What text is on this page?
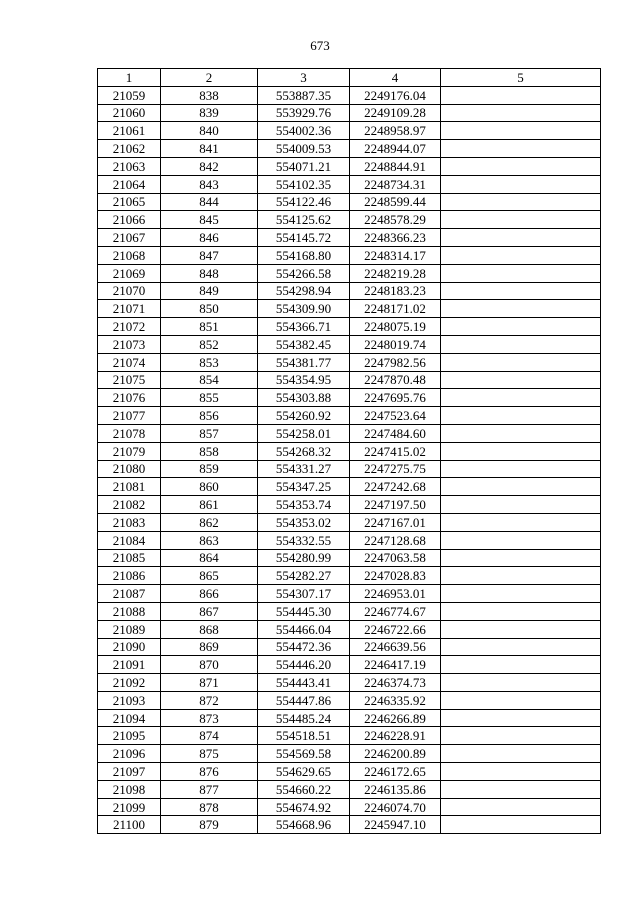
673
1	2	3	4	5
21059	838	553887.35	2249176.04	
21060	839	553929.76	2249109.28	
21061	840	554002.36	2248958.97	
21062	841	554009.53	2248944.07	
21063	842	554071.21	2248844.91	
21064	843	554102.35	2248734.31	
21065	844	554122.46	2248599.44	
21066	845	554125.62	2248578.29	
21067	846	554145.72	2248366.23	
21068	847	554168.80	2248314.17	
21069	848	554266.58	2248219.28	
21070	849	554298.94	2248183.23	
21071	850	554309.90	2248171.02	
21072	851	554366.71	2248075.19	
21073	852	554382.45	2248019.74	
21074	853	554381.77	2247982.56	
21075	854	554354.95	2247870.48	
21076	855	554303.88	2247695.76	
21077	856	554260.92	2247523.64	
21078	857	554258.01	2247484.60	
21079	858	554268.32	2247415.02	
21080	859	554331.27	2247275.75	
21081	860	554347.25	2247242.68	
21082	861	554353.74	2247197.50	
21083	862	554353.02	2247167.01	
21084	863	554332.55	2247128.68	
21085	864	554280.99	2247063.58	
21086	865	554282.27	2247028.83	
21087	866	554307.17	2246953.01	
21088	867	554445.30	2246774.67	
21089	868	554466.04	2246722.66	
21090	869	554472.36	2246639.56	
21091	870	554446.20	2246417.19	
21092	871	554443.41	2246374.73	
21093	872	554447.86	2246335.92	
21094	873	554485.24	2246266.89	
21095	874	554518.51	2246228.91	
21096	875	554569.58	2246200.89	
21097	876	554629.65	2246172.65	
21098	877	554660.22	2246135.86	
21099	878	554674.92	2246074.70	
21100	879	554668.96	2245947.10	
